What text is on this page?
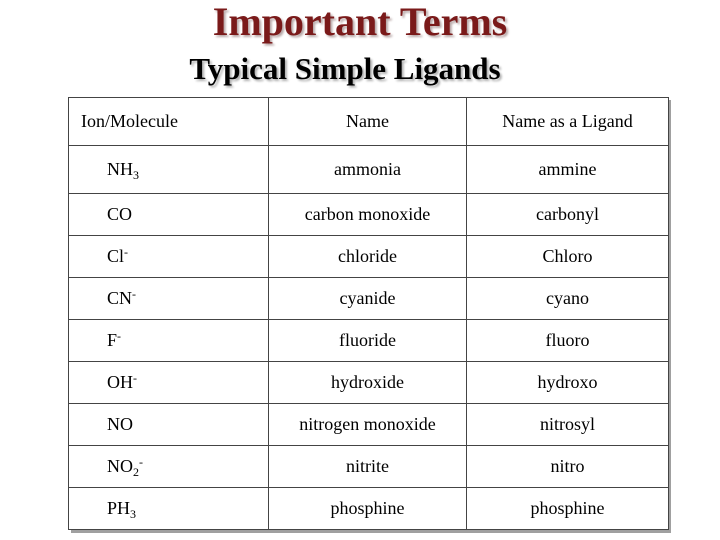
Important Terms
Typical Simple Ligands
Ion/Molecule	Name	Name as a Ligand
$NH_3$	ammonia	ammine
CO	carbon monoxide	carbonyl
Cl-	chloride	Chloro
CN-	cyanide	cyano
F-	fluoride	fluoro
OH-	hydroxide	hydroxo
NO	nitrogen monoxide	nitrosyl
$NO_2^-$	nitrite	nitro
$PH_3$	phosphine	phosphine
